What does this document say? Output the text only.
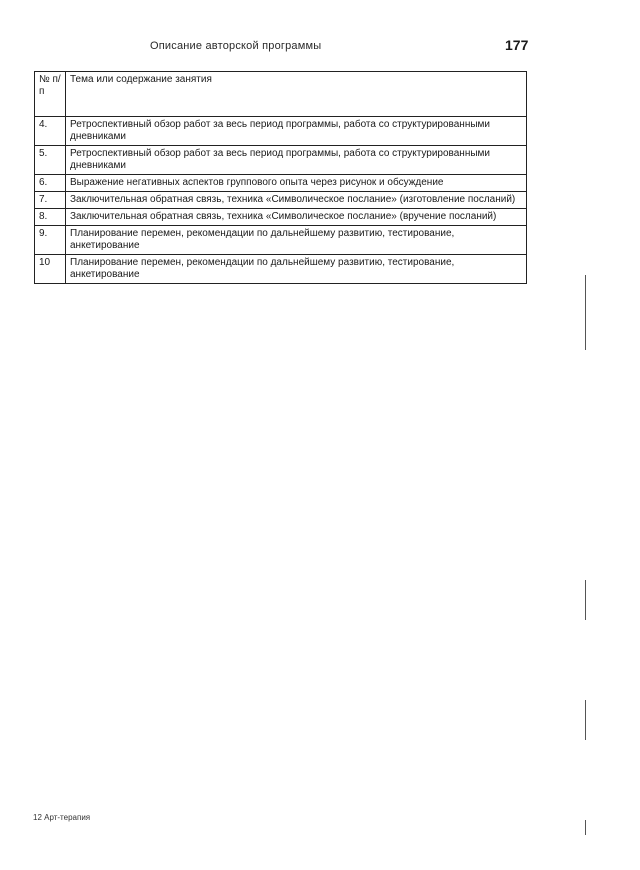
Описание авторской программы	177
№ п/п	Тема или содержание занятия
4.	Ретроспективный обзор работ за весь период программы, работа со структурированными дневниками
5.	Ретроспективный обзор работ за весь период программы, работа со структурированными дневниками
6.	Выражение негативных аспектов группового опыта через рисунок и обсуждение
7.	Заключительная обратная связь, техника «Символическое послание» (изготовление посланий)
8.	Заключительная обратная связь, техника «Символическое послание» (вручение посланий)
9.	Планирование перемен, рекомендации по дальнейшему развитию, тестирование, анкетирование
10	Планирование перемен, рекомендации по дальнейшему развитию, тестирование, анкетирование
12 Арт-терапия
